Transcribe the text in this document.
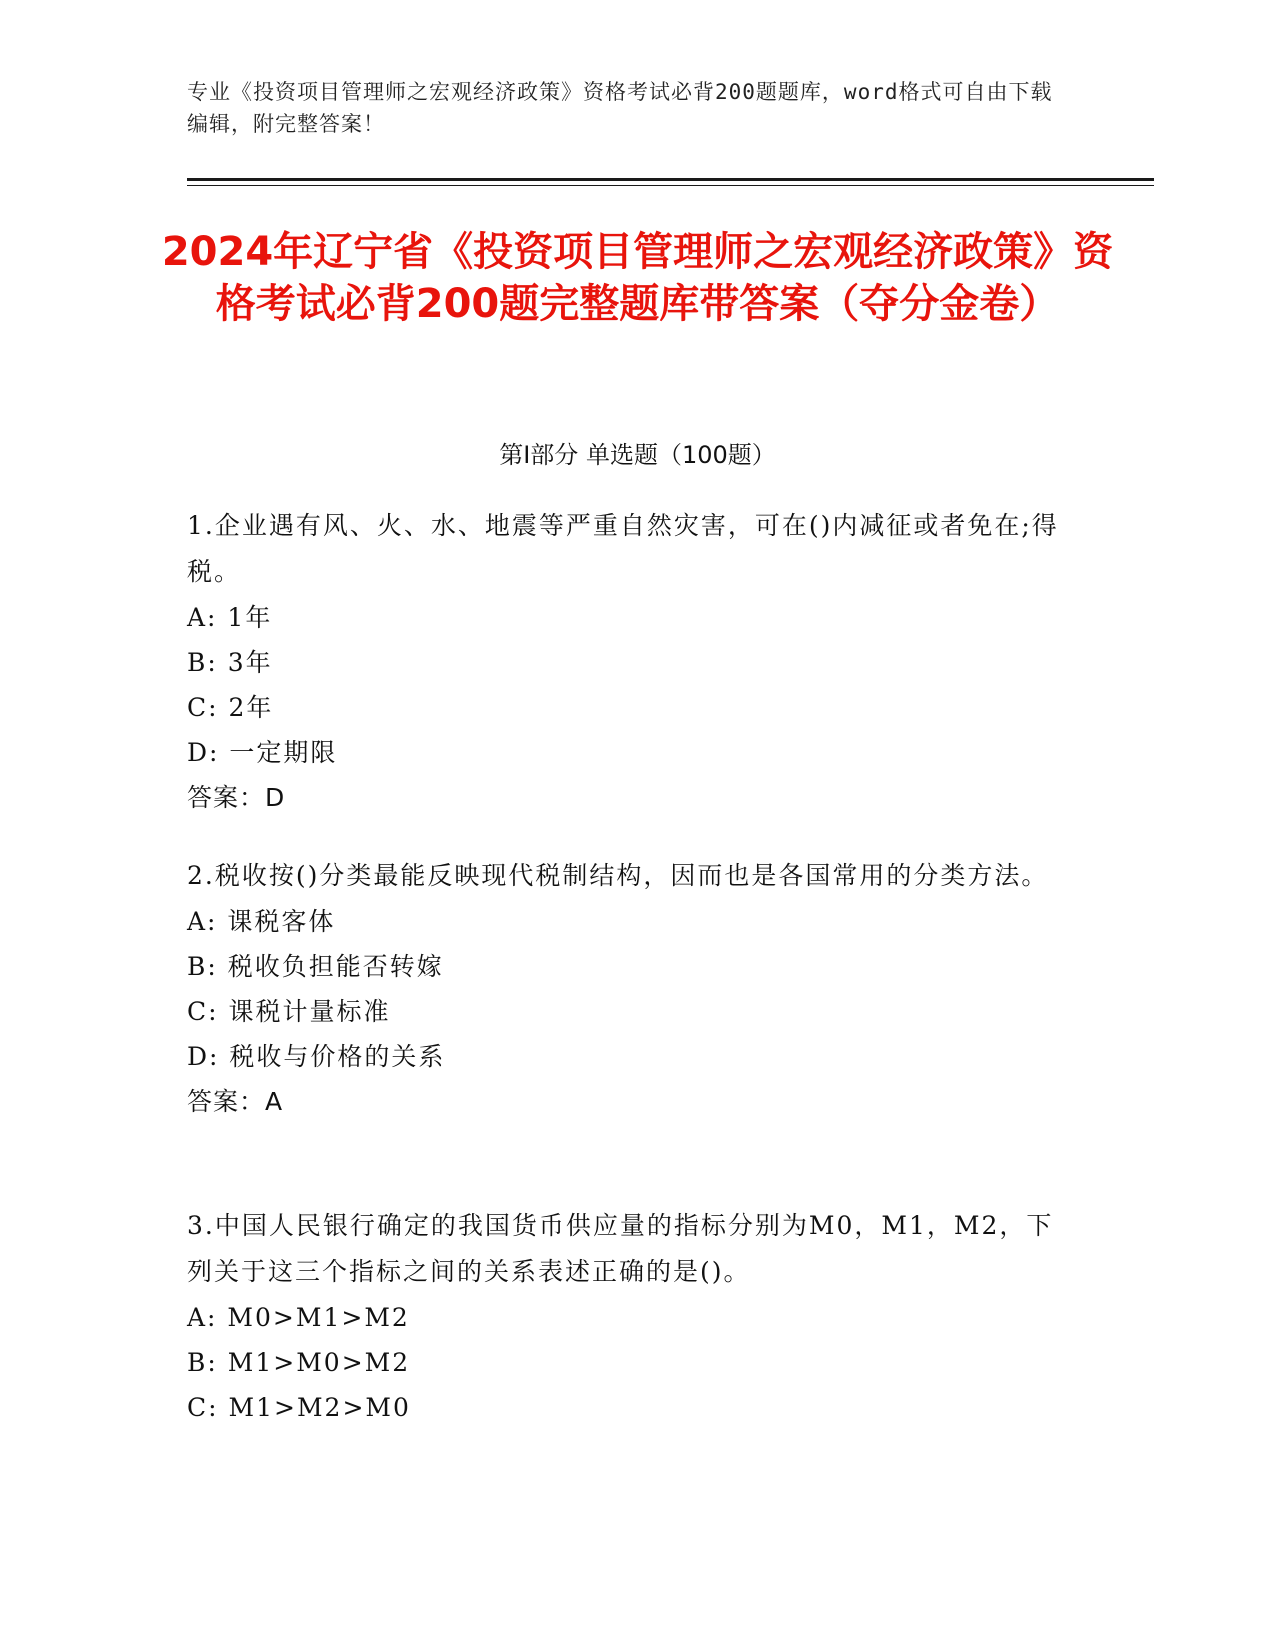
专业《投资项目管理师之宏观经济政策》资格考试必背200题题库，word格式可自由下载编辑，附完整答案！
2024年辽宁省《投资项目管理师之宏观经济政策》资格考试必背200题完整题库带答案（夺分金卷）
第Ⅰ部分 单选题（100题）
1.企业遇有风、火、水、地震等严重自然灾害，可在()内减征或者免在;得税。
A: 1年
B: 3年
C: 2年
D: 一定期限
答案：D
2.税收按()分类最能反映现代税制结构，因而也是各国常用的分类方法。
A: 课税客体
B: 税收负担能否转嫁
C: 课税计量标准
D: 税收与价格的关系
答案：A
3.中国人民银行确定的我国货币供应量的指标分别为M0，M1，M2，下列关于这三个指标之间的关系表述正确的是()。
A: M0>M1>M2
B: M1>M0>M2
C: M1>M2>M0
